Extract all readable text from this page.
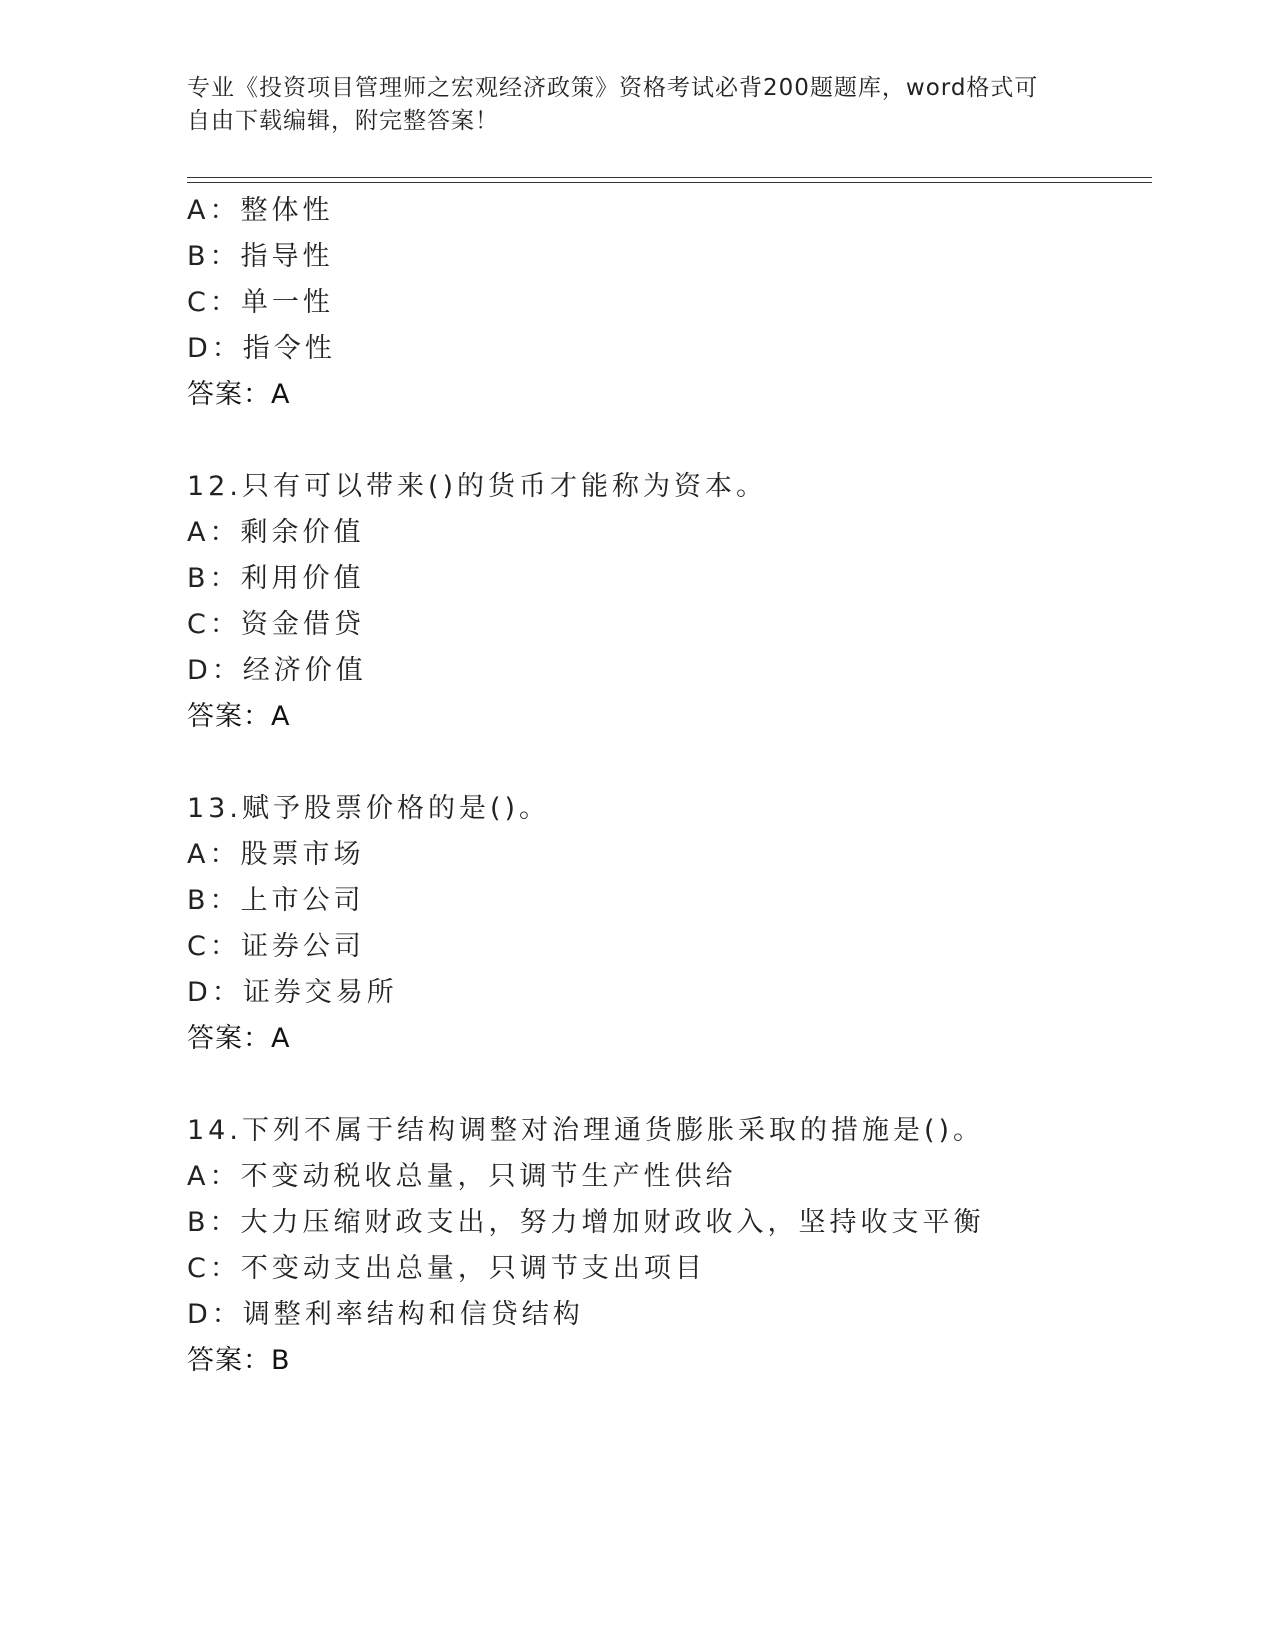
专业《投资项目管理师之宏观经济政策》资格考试必背200题题库，word格式可
自由下载编辑，附完整答案！
A：整体性
B：指导性
C：单一性
D：指令性
答案：A
12.只有可以带来()的货币才能称为资本。
A：剩余价值
B：利用价值
C：资金借贷
D：经济价值
答案：A
13.赋予股票价格的是()。
A：股票市场
B：上市公司
C：证券公司
D：证券交易所
答案：A
14.下列不属于结构调整对治理通货膨胀采取的措施是()。
A：不变动税收总量，只调节生产性供给
B：大力压缩财政支出，努力增加财政收入，坚持收支平衡
C：不变动支出总量，只调节支出项目
D：调整利率结构和信贷结构
答案：B
